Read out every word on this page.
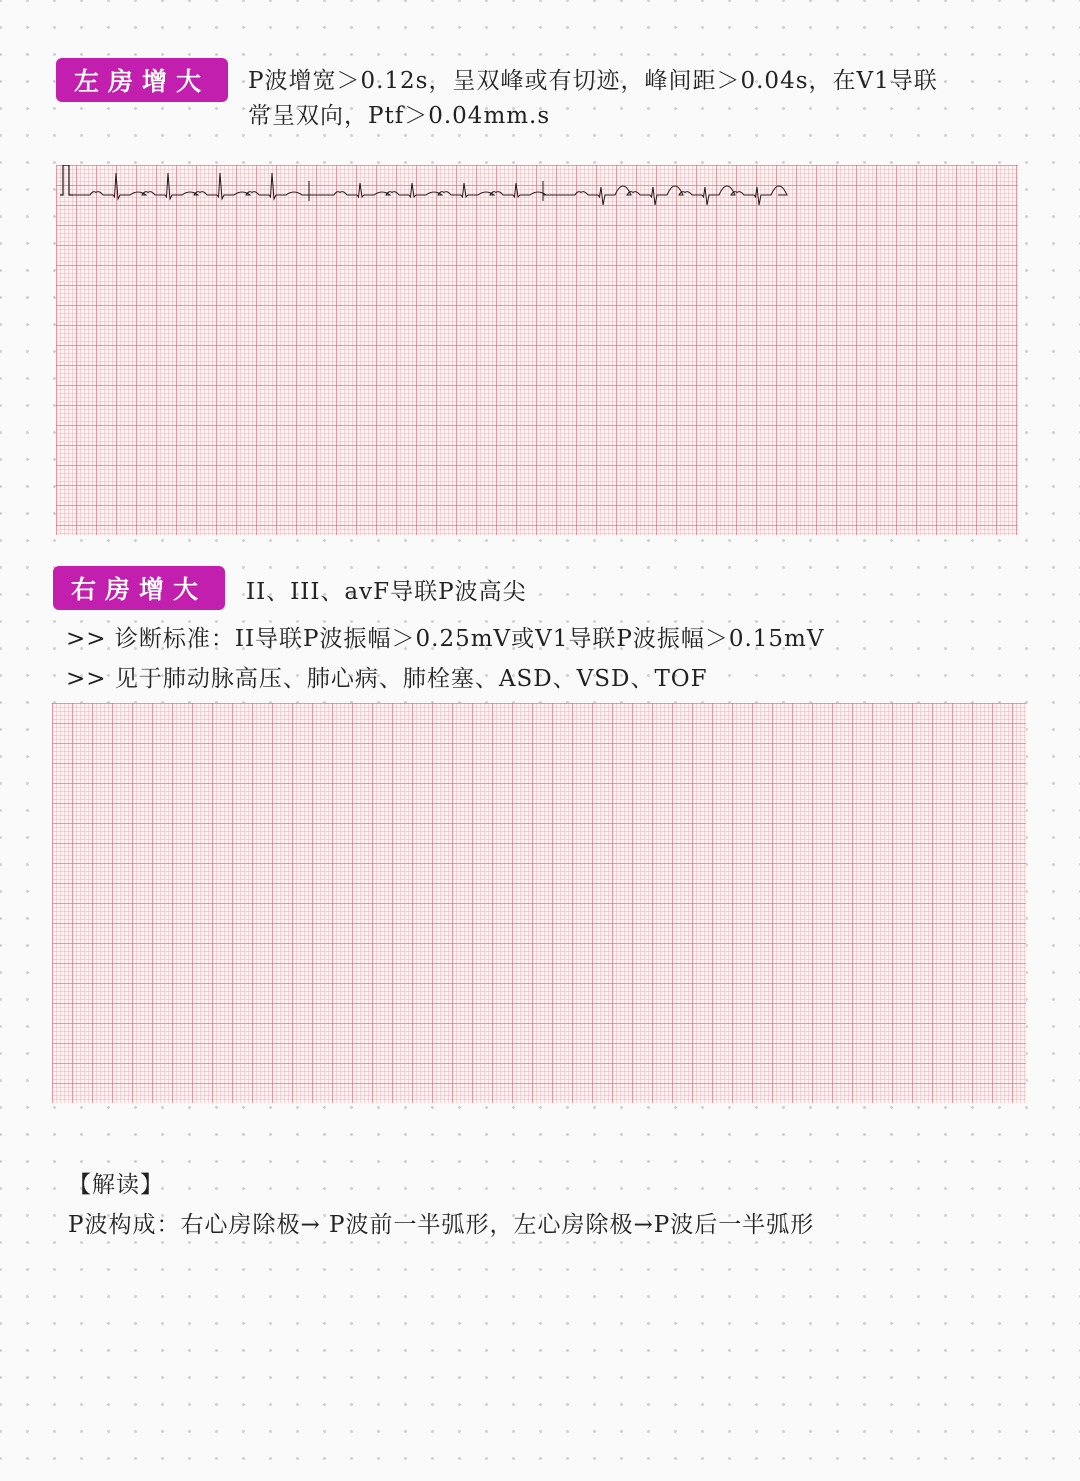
左房增大	P波增宽＞0.12s，呈双峰或有切迹，峰间距＞0.04s，在V1导联
常呈双向，Ptf＞0.04mm.s
右房增大	II、III、avF导联P波高尖
>> 诊断标准：II导联P波振幅＞0.25mV或V1导联P波振幅＞0.15mV
>> 见于肺动脉高压、肺心病、肺栓塞、ASD、VSD、TOF
【解读】
P波构成：右心房除极→ P波前一半弧形，左心房除极→P波后一半弧形
